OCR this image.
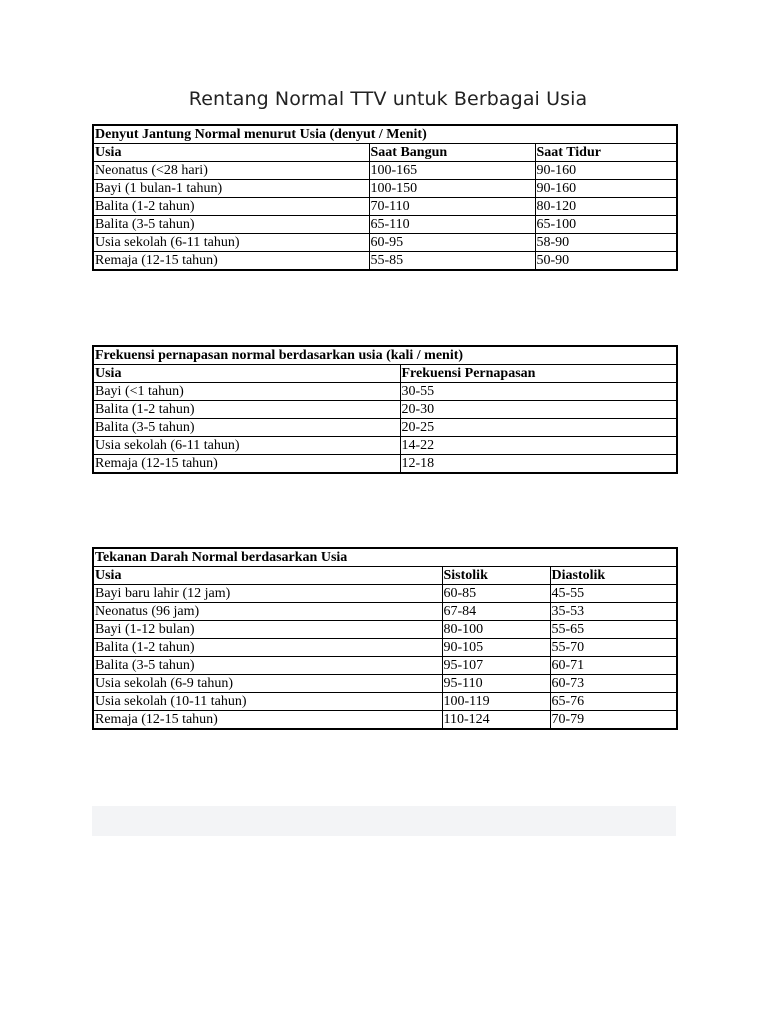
Rentang Normal TTV untuk Berbagai Usia
Denyut Jantung Normal menurut Usia (denyut / Menit)		
Usia	Saat Bangun	Saat Tidur
Neonatus (<28 hari)	100-165	90-160
Bayi (1 bulan-1 tahun)	100-150	90-160
Balita (1-2 tahun)	70-110	80-120
Balita (3-5 tahun)	65-110	65-100
Usia sekolah (6-11 tahun)	60-95	58-90
Remaja (12-15 tahun)	55-85	50-90
Frekuensi pernapasan normal berdasarkan usia (kali / menit)	
Usia	Frekuensi Pernapasan
Bayi (<1 tahun)	30-55
Balita (1-2 tahun)	20-30
Balita (3-5 tahun)	20-25
Usia sekolah (6-11 tahun)	14-22
Remaja (12-15 tahun)	12-18
Tekanan Darah Normal berdasarkan Usia		
Usia	Sistolik	Diastolik
Bayi baru lahir (12 jam)	60-85	45-55
Neonatus (96 jam)	67-84	35-53
Bayi (1-12 bulan)	80-100	55-65
Balita (1-2 tahun)	90-105	55-70
Balita (3-5 tahun)	95-107	60-71
Usia sekolah (6-9 tahun)	95-110	60-73
Usia sekolah (10-11 tahun)	100-119	65-76
Remaja (12-15 tahun)	110-124	70-79
